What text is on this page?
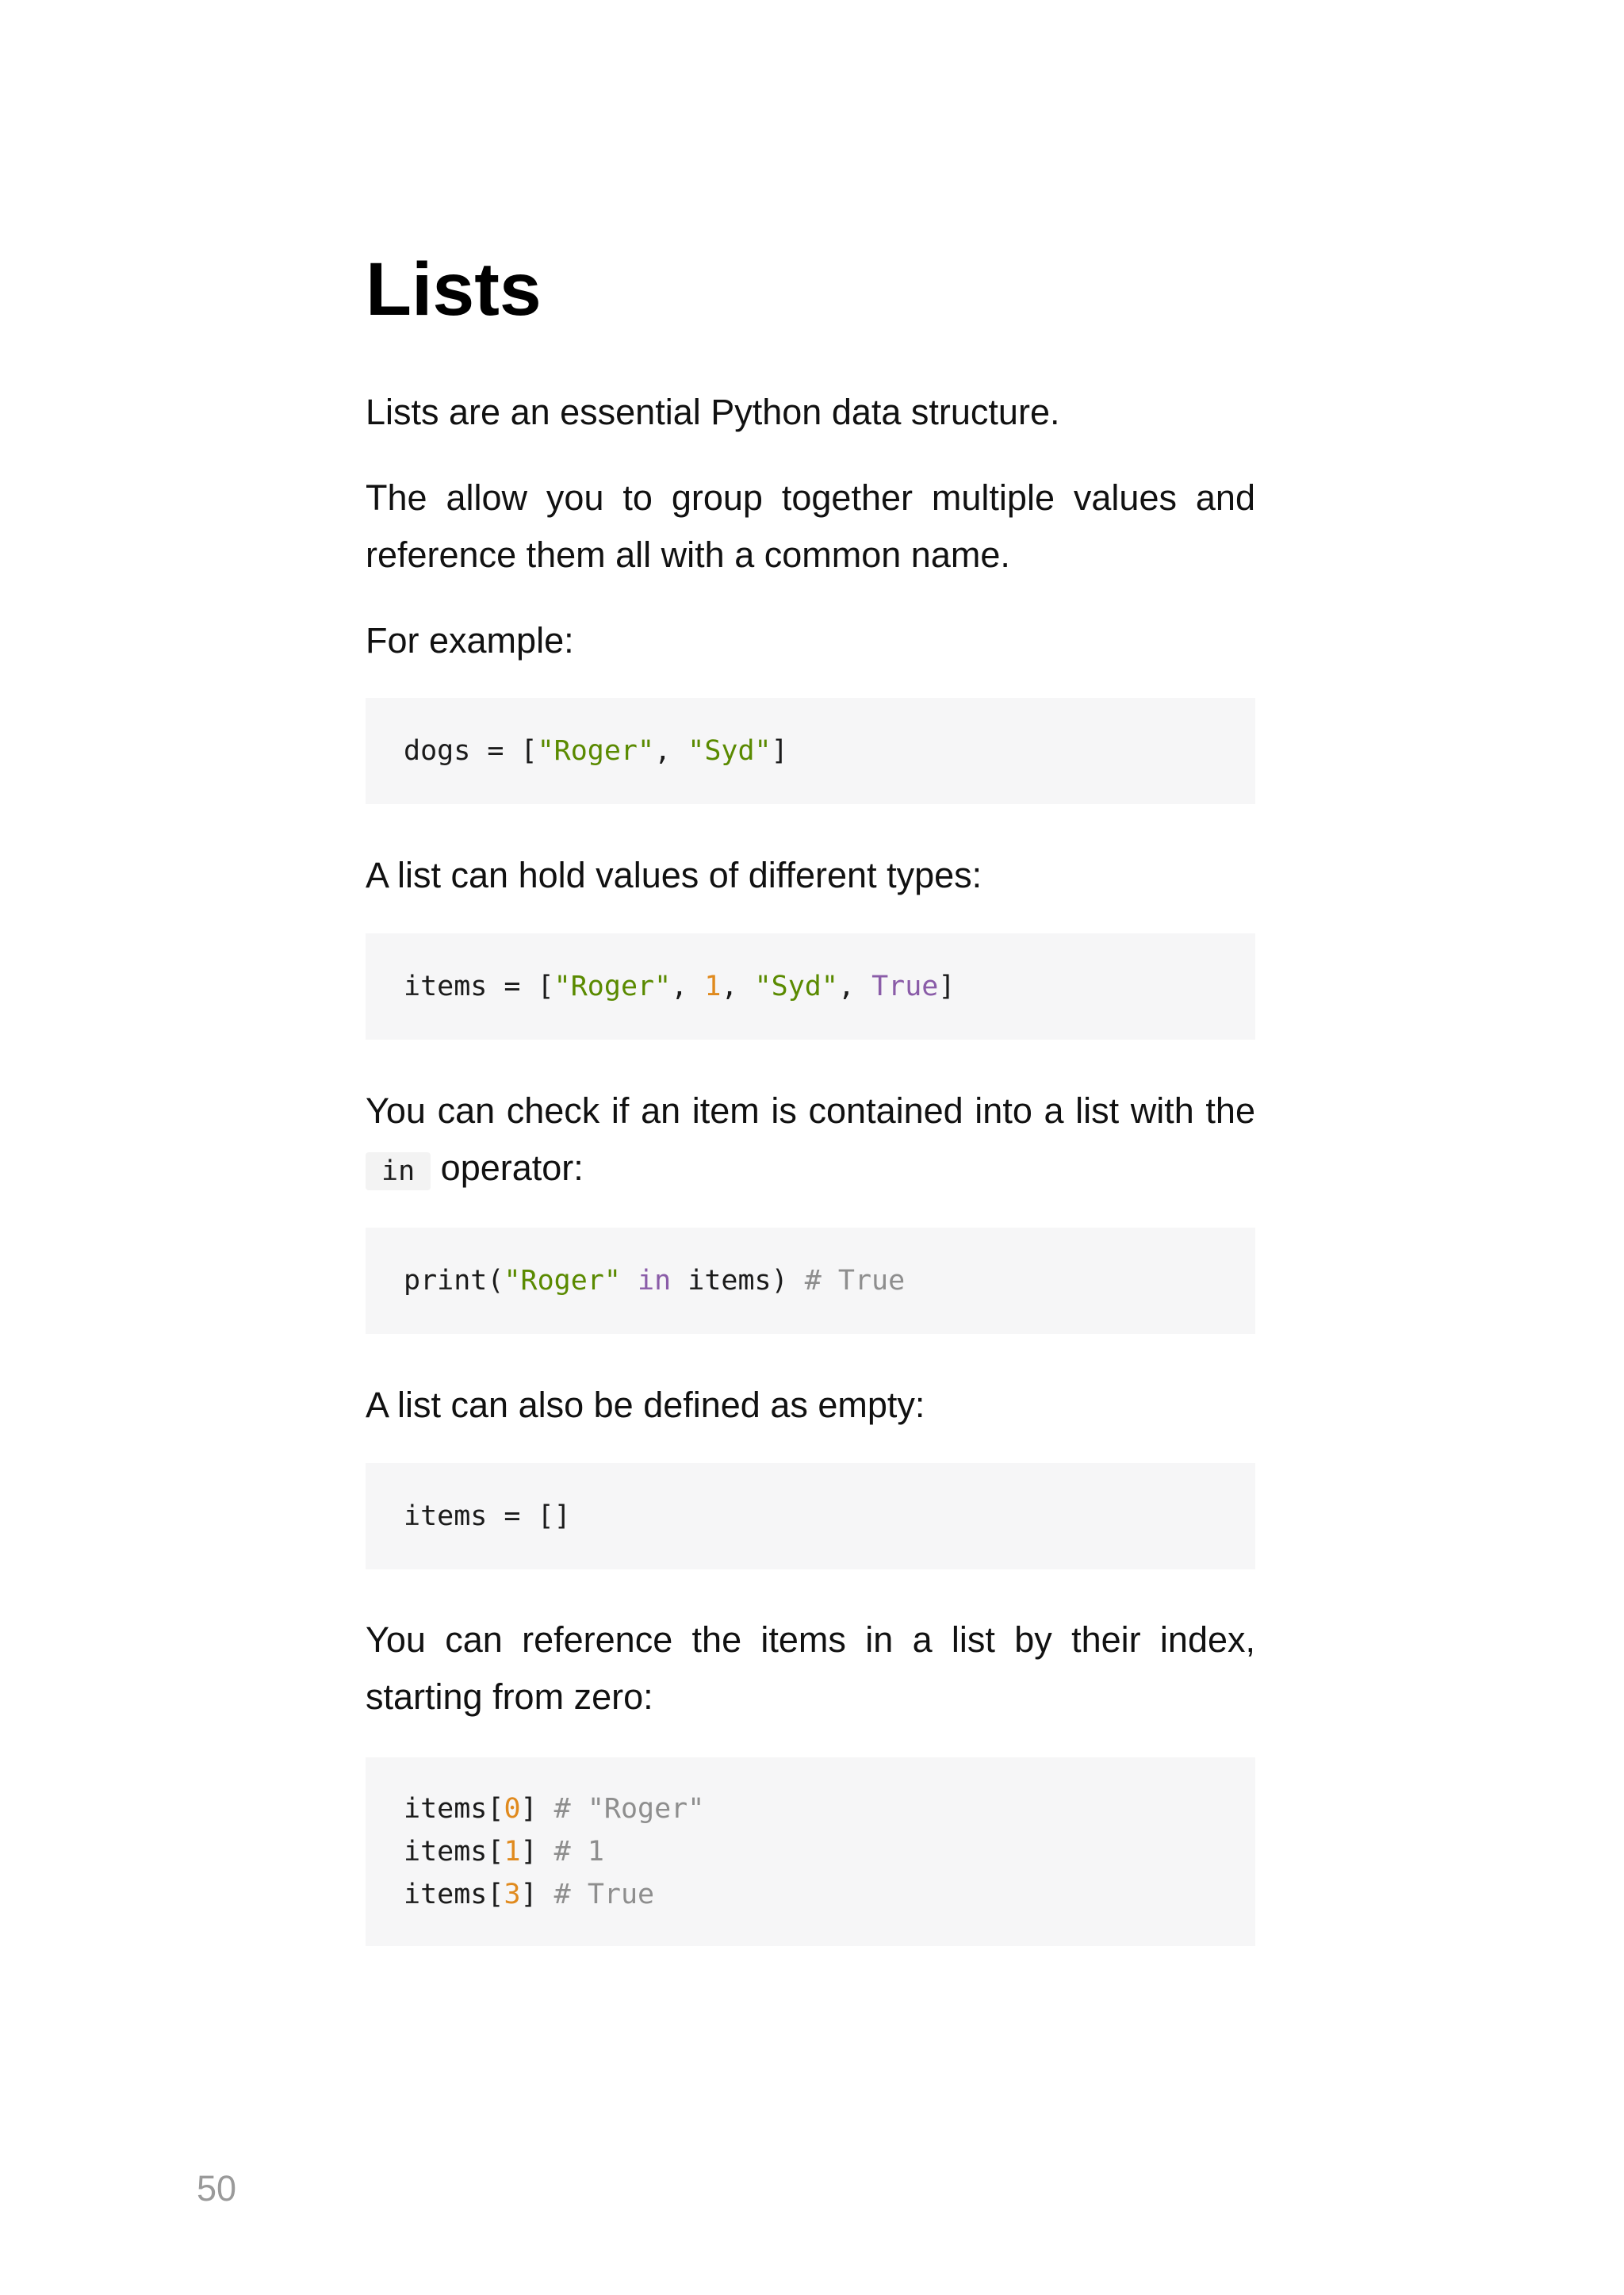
Lists

Lists are an essential Python data structure.

The allow you to group together multiple values and reference them all with a common name.

For example:

dogs = ["Roger", "Syd"]

A list can hold values of different types:

items = ["Roger", 1, "Syd", True]

You can check if an item is contained into a list with the in operator:

print("Roger" in items) # True

A list can also be defined as empty:

items = []

You can reference the items in a list by their index, starting from zero:

items[0] # "Roger"

items[1] # 1

items[3] # True

50
